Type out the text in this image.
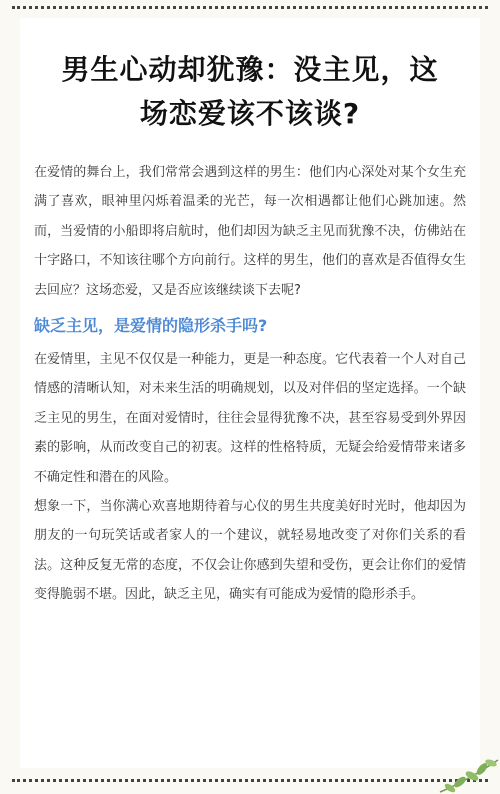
男生心动却犹豫：没主见，这
场恋爱该不该谈?

在爱情的舞台上，我们常常会遇到这样的男生：他们内心深处对某个女生充满了喜欢，眼神里闪烁着温柔的光芒，每一次相遇都让他们心跳加速。然而，当爱情的小船即将启航时，他们却因为缺乏主见而犹豫不决，仿佛站在十字路口，不知该往哪个方向前行。这样的男生，他们的喜欢是否值得女生去回应？这场恋爱，又是否应该继续谈下去呢?

缺乏主见，是爱情的隐形杀手吗?

在爱情里，主见不仅仅是一种能力，更是一种态度。它代表着一个人对自己情感的清晰认知，对未来生活的明确规划，以及对伴侣的坚定选择。一个缺乏主见的男生，在面对爱情时，往往会显得犹豫不决，甚至容易受到外界因素的影响，从而改变自己的初衷。这样的性格特质，无疑会给爱情带来诸多不确定性和潜在的风险。

想象一下，当你满心欢喜地期待着与心仪的男生共度美好时光时，他却因为朋友的一句玩笑话或者家人的一个建议，就轻易地改变了对你们关系的看法。这种反复无常的态度，不仅会让你感到失望和受伤，更会让你们的爱情变得脆弱不堪。因此，缺乏主见，确实有可能成为爱情的隐形杀手。
